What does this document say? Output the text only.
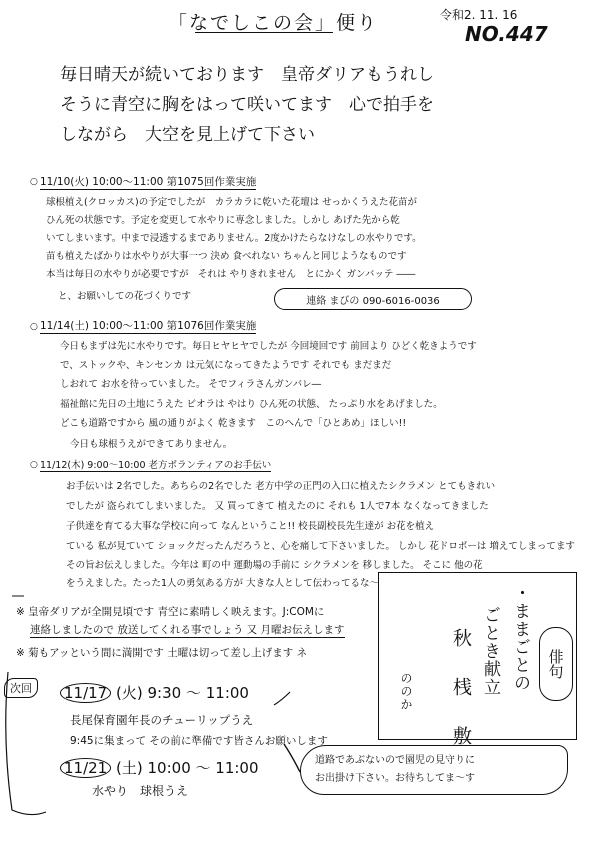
「なでしこの会」便り	令和2. 11. 16
NO.447
毎日晴天が続いております　皇帝ダリアもうれし
そうに青空に胸をはって咲いてます　心で拍手を
しながら　大空を見上げて下さい
○ 11/10(火) 10:00～11:00 第1075回作業実施
球根植え(クロッカス)の予定でしたが　カラカラに乾いた花壇は せっかくうえた花苗が
ひん死の状態です。予定を変更して水やりに専念しました。しかし あげた先から乾
いてしまいます。中まで浸透するまでありません。2度かけたらなけなしの水やりです。
苗も植えたばかりは水やりが大事一つ 決め 食べれない ちゃんと同じようなものです
本当は毎日の水やりが必要ですが　それは やりきれません　とにかく ガンバッテ ――
と、お願いしての花づくりです	連絡 まびの 090-6016-0036
○ 11/14(土) 10:00～11:00 第1076回作業実施
今日もまずは先に水やりです。毎日ヒヤヒヤでしたが 今回境回です 前回より ひどく乾きようです
で、ストックや、キンセンカ は元気になってきたようです それでも まだまだ
しおれて お水を待っていました。 そでフィラさんガンバレ―
福祉館に先日の土地にうえた ビオラは やはり ひん死の状態、 たっぷり水をあげました。
どこも道路ですから 風の通りがよく 乾きます　このへんで「ひとあめ」ほしい!!
今日も球根うえができてありません。
○ 11/12(木) 9:00～10:00 老方ボランティアのお手伝い
お手伝いは 2名でした。あちらの2名でした 老方中学の正門の入口に植えたシクラメン とてもきれい
でしたが 盗られてしまいました。 又 買ってきて 植えたのに それも 1人で7本 なくなってきました
子供達を育てる大事な学校に向って なんということ!! 校長副校長先生達が お花を植え
ている 私が見ていて ショックだったんだろうと、心を痛して下さいました。 しかし 花ドロボーは 増えてしまってます
その旨お伝えしました。今年は 町の中 運動場の手前に シクラメンを 移しました。 そこに 他の花
をうえました。たった1人の勇気ある方が 大きな人として伝わってるな～
※ 皇帝ダリアが全開見頃です 青空に素晴しく映えます。J:COMに
連絡しましたので 放送してくれる事でしょう 又 月曜お伝えします
※ 菊もアッという間に満開です 土曜は切って差し上げます ネ
次回	11/17 (火) 9:30 ～ 11:00
長尾保育園年長のチューリップうえ
9:45に集まって その前に準備です皆さんお願いします
11/21 (土) 10:00 ～ 11:00
水やり　球根うえ
・ままごとの
ごとき献立
秋 桟 敷
ののか
俳句
道路であぶないので園児の見守りに
お出掛け下さい。お待ちしてま～す
